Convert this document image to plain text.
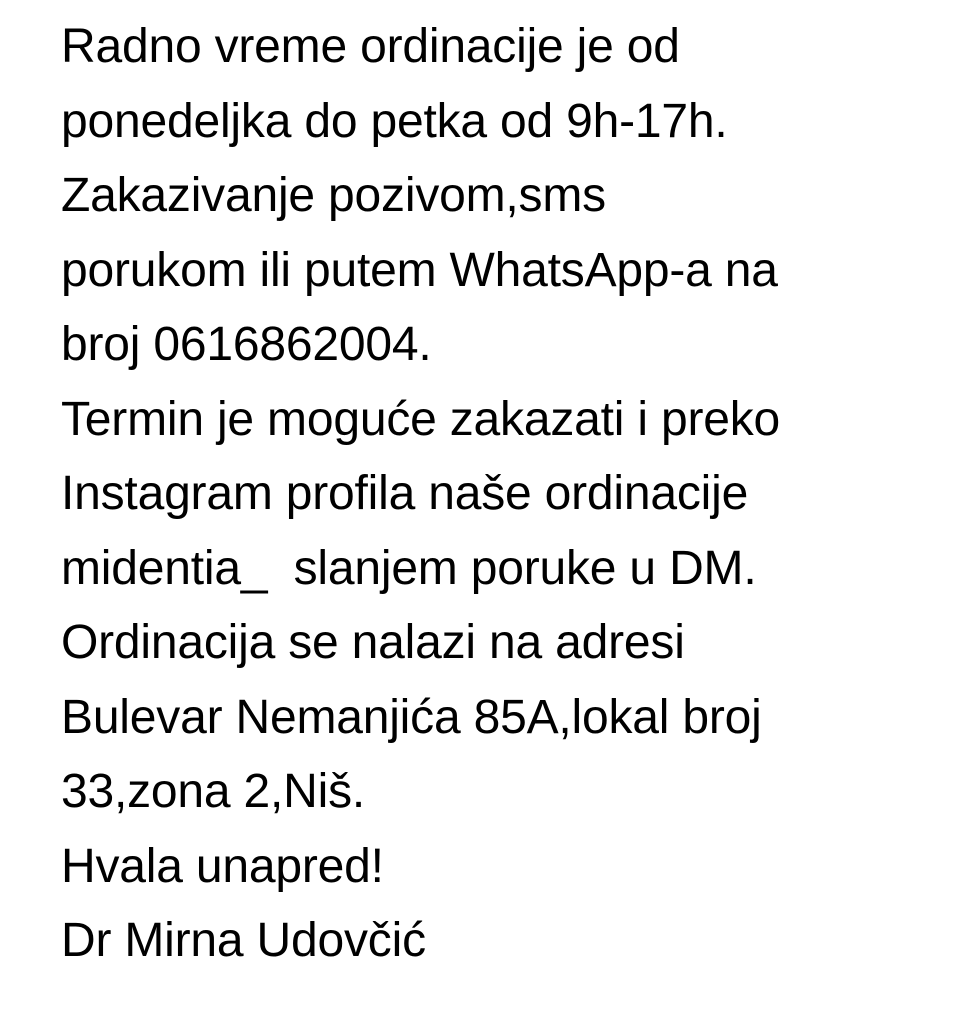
Radno vreme ordinacije je od
ponedeljka do petka od 9h-17h.
Zakazivanje pozivom,sms
porukom ili putem WhatsApp-a na
broj 0616862004.
Termin je moguće zakazati i preko
Instagram profila naše ordinacije
midentia_  slanjem poruke u DM.
Ordinacija se nalazi na adresi
Bulevar Nemanjića 85A,lokal broj
33,zona 2,Niš.
Hvala unapred!
Dr Mirna Udovčić
